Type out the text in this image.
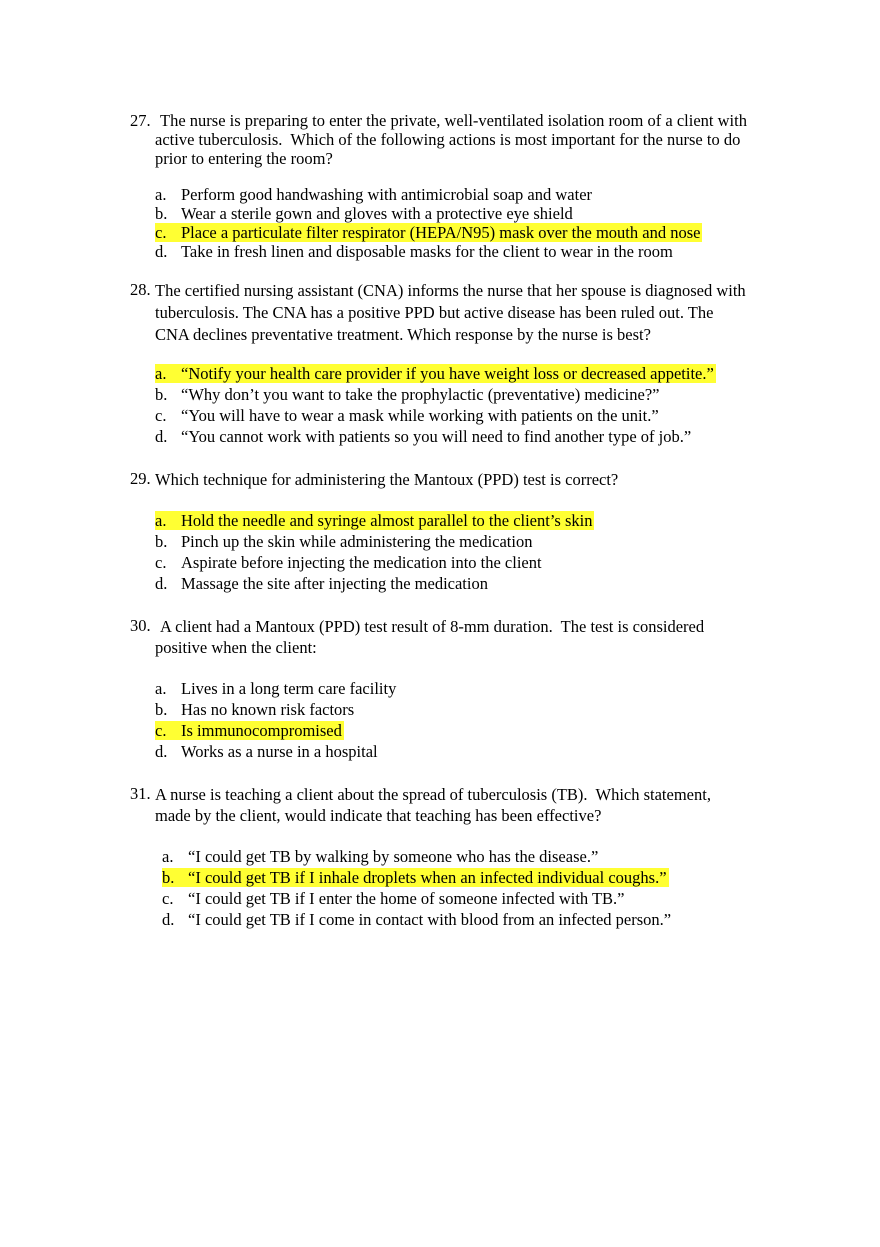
27. The nurse is preparing to enter the private, well-ventilated isolation room of a client with
active tuberculosis.  Which of the following actions is most important for the nurse to do
prior to entering the room?
a. Perform good handwashing with antimicrobial soap and water
b. Wear a sterile gown and gloves with a protective eye shield
c. Place a particulate filter respirator (HEPA/N95) mask over the mouth and nose
d. Take in fresh linen and disposable masks for the client to wear in the room
28. The certified nursing assistant (CNA) informs the nurse that her spouse is diagnosed with
tuberculosis. The CNA has a positive PPD but active disease has been ruled out. The
CNA declines preventative treatment. Which response by the nurse is best?
a. “Notify your health care provider if you have weight loss or decreased appetite.”
b. “Why don’t you want to take the prophylactic (preventative) medicine?”
c. “You will have to wear a mask while working with patients on the unit.”
d. “You cannot work with patients so you will need to find another type of job.”
29. Which technique for administering the Mantoux (PPD) test is correct?
a. Hold the needle and syringe almost parallel to the client’s skin
b. Pinch up the skin while administering the medication
c. Aspirate before injecting the medication into the client
d. Massage the site after injecting the medication
30. A client had a Mantoux (PPD) test result of 8-mm duration.  The test is considered
positive when the client:
a. Lives in a long term care facility
b. Has no known risk factors
c. Is immunocompromised
d. Works as a nurse in a hospital
31. A nurse is teaching a client about the spread of tuberculosis (TB).  Which statement,
made by the client, would indicate that teaching has been effective?
a. “I could get TB by walking by someone who has the disease.”
b. “I could get TB if I inhale droplets when an infected individual coughs.”
c. “I could get TB if I enter the home of someone infected with TB.”
d. “I could get TB if I come in contact with blood from an infected person.”
